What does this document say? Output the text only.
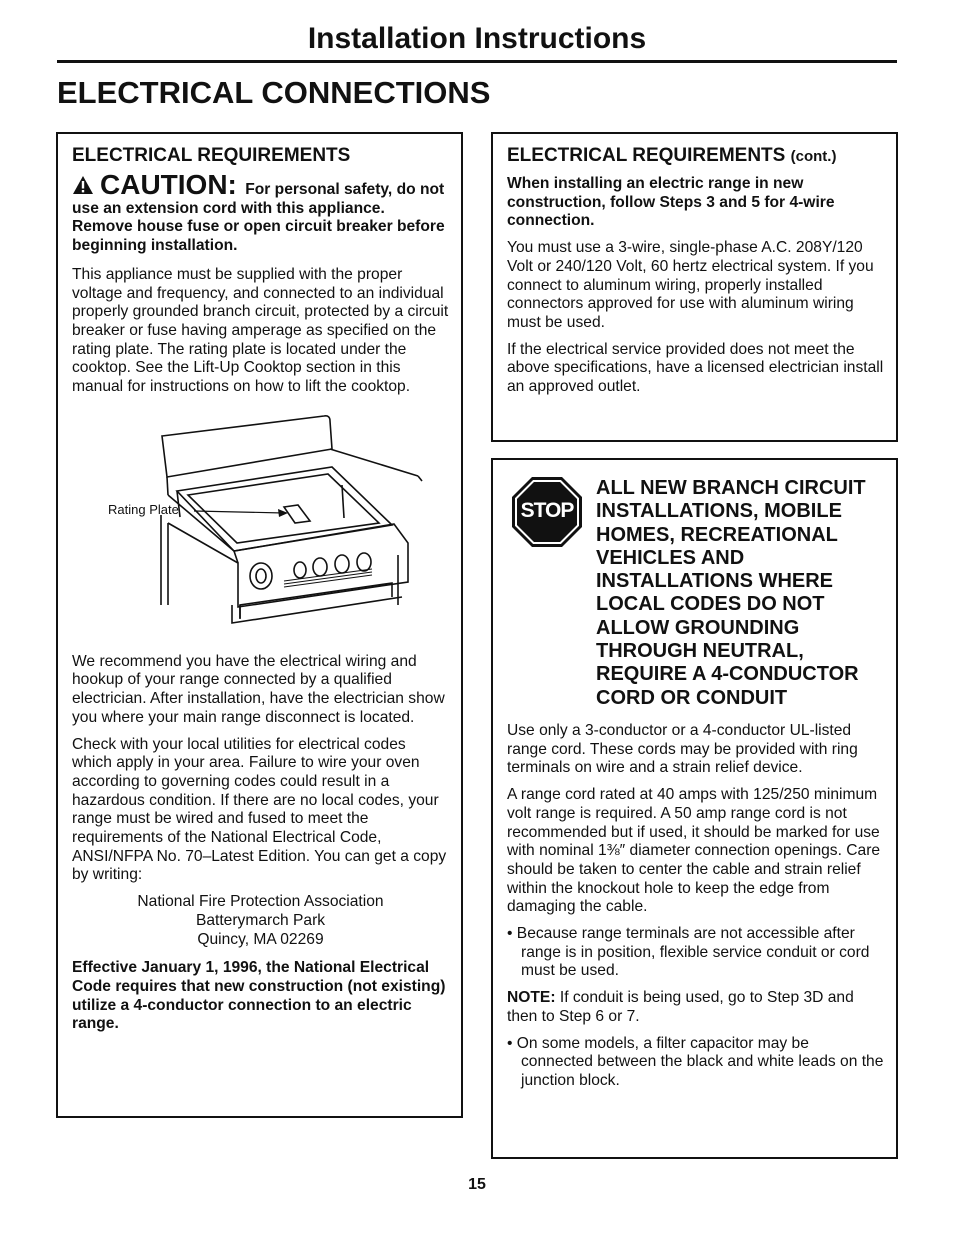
Installation Instructions
ELECTRICAL CONNECTIONS
ELECTRICAL REQUIREMENTS
CAUTION: For personal safety, do not use an extension cord with this appliance. Remove house fuse or open circuit breaker before beginning installation.

This appliance must be supplied with the proper voltage and frequency, and connected to an individual properly grounded branch circuit, protected by a circuit breaker or fuse having amperage as specified on the rating plate. The rating plate is located under the cooktop. See the Lift-Up Cooktop section in this manual for instructions on how to lift the cooktop.

Rating Plate

We recommend you have the electrical wiring and hookup of your range connected by a qualified electrician. After installation, have the electrician show you where your main range disconnect is located.

Check with your local utilities for electrical codes which apply in your area. Failure to wire your oven according to governing codes could result in a hazardous condition. If there are no local codes, your range must be wired and fused to meet the requirements of the National Electrical Code, ANSI/NFPA No. 70–Latest Edition. You can get a copy by writing:

National Fire Protection Association
Batterymarch Park
Quincy, MA 02269

Effective January 1, 1996, the National Electrical Code requires that new construction (not existing) utilize a 4-conductor connection to an electric range.

ELECTRICAL REQUIREMENTS (cont.)

When installing an electric range in new construction, follow Steps 3 and 5 for 4-wire connection.

You must use a 3-wire, single-phase A.C. 208Y/120 Volt or 240/120 Volt, 60 hertz electrical system. If you connect to aluminum wiring, properly installed connectors approved for use with aluminum wiring must be used.

If the electrical service provided does not meet the above specifications, have a licensed electrician install an approved outlet.

STOP
ALL NEW BRANCH CIRCUIT INSTALLATIONS, MOBILE HOMES, RECREATIONAL VEHICLES AND INSTALLATIONS WHERE LOCAL CODES DO NOT ALLOW GROUNDING THROUGH NEUTRAL, REQUIRE A 4-CONDUCTOR CORD OR CONDUIT

Use only a 3-conductor or a 4-conductor UL-listed range cord. These cords may be provided with ring terminals on wire and a strain relief device.

A range cord rated at 40 amps with 125/250 minimum volt range is required. A 50 amp range cord is not recommended but if used, it should be marked for use with nominal 1⅜″ diameter connection openings. Care should be taken to center the cable and strain relief within the knockout hole to keep the edge from damaging the cable.

• Because range terminals are not accessible after range is in position, flexible service conduit or cord must be used.

NOTE: If conduit is being used, go to Step 3D and then to Step 6 or 7.

• On some models, a filter capacitor may be connected between the black and white leads on the junction block.

15
